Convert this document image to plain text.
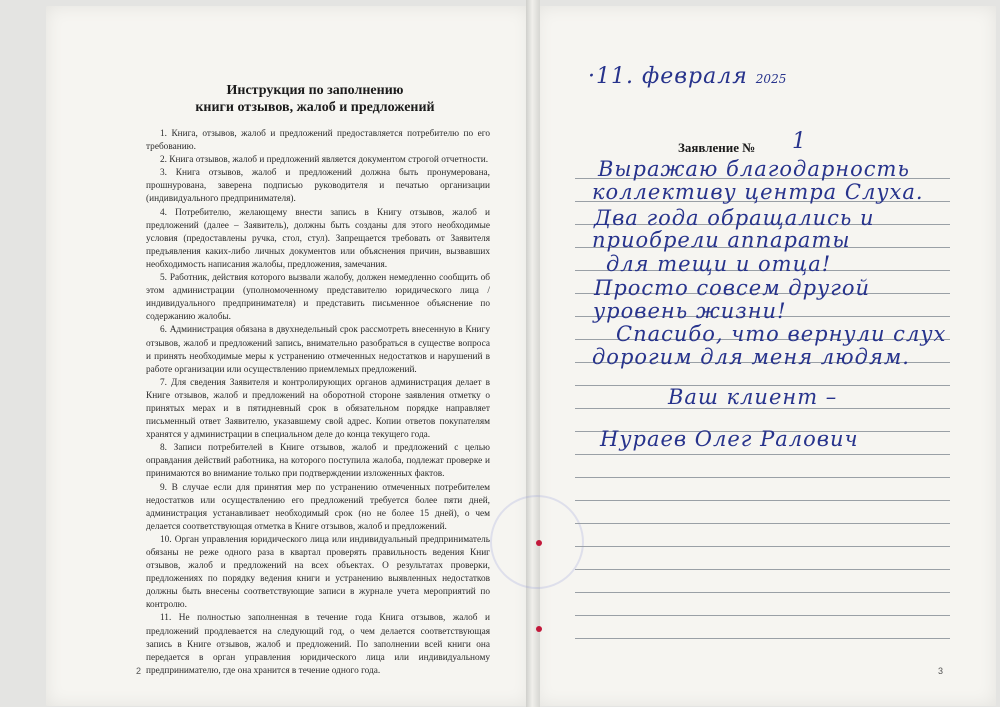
Инструкция по заполнению
книги отзывов, жалоб и предложений

1. Книга, отзывов, жалоб и предложений предоставляется потребителю по его требованию.

2. Книга отзывов, жалоб и предложений является документом строгой отчетности.

3. Книга отзывов, жалоб и предложений должна быть пронумерована, прошнурована, заверена подписью руководителя и печатью организации (индивидуального предпринимателя).

4. Потребителю, желающему внести запись в Книгу отзывов, жалоб и предложений (далее – Заявитель), должны быть созданы для этого необходимые условия (предоставлены ручка, стол, стул). Запрещается требовать от Заявителя предъявления каких-либо личных документов или объяснения причин, вызвавших необходимость написания жалобы, предложения, замечания.

5. Работник, действия которого вызвали жалобу, должен немедленно сообщить об этом администрации (уполномоченному представителю юридического лица / индивидуального предпринимателя) и представить письменное объяснение по содержанию жалобы.

6. Администрация обязана в двухнедельный срок рассмотреть внесенную в Книгу отзывов, жалоб и предложений запись, внимательно разобраться в существе вопроса и принять необходимые меры к устранению отмеченных недостатков и нарушений в работе организации или осуществлению приемлемых предложений.

7. Для сведения Заявителя и контролирующих органов администрация делает в Книге отзывов, жалоб и предложений на оборотной стороне заявления отметку о принятых мерах и в пятидневный срок в обязательном порядке направляет письменный ответ Заявителю, указавшему свой адрес. Копии ответов покупателям хранятся у администрации в специальном деле до конца текущего года.

8. Записи потребителей в Книге отзывов, жалоб и предложений с целью оправдания действий работника, на которого поступила жалоба, подлежат проверке и принимаются во внимание только при подтверждении изложенных фактов.

9. В случае если для принятия мер по устранению отмеченных потребителем недостатков или осуществлению его предложений требуется более пяти дней, администрация устанавливает необходимый срок (но не более 15 дней), о чем делается соответствующая отметка в Книге отзывов, жалоб и предложений.

10. Орган управления юридического лица или индивидуальный предприниматель обязаны не реже одного раза в квартал проверять правильность ведения Книг отзывов, жалоб и предложений на всех объектах. О результатах проверки, предложениях по порядку ведения книги и устранению выявленных недостатков должны быть внесены соответствующие записи в журнале учета мероприятий по контролю.

11. Не полностью заполненная в течение года Книга отзывов, жалоб и предложений продлевается на следующий год, о чем делается соответствующая запись в Книге отзывов, жалоб и предложений. По заполнении всей книги она передается в орган управления юридического лица или индивидуальному предпринимателю, где она хранится в течение одного года.

2
·11. февраля 2025
Заявление № 1
Выражаю благодарность
коллективу центра Слуха.
Два года обращались и
приобрели аппараты
для тещи и отца!
Просто совсем другой
уровень жизни!
Спасибо, что вернули слух
дорогим для меня людям.
Ваш клиент –
Нураев Олег Ралович
3
